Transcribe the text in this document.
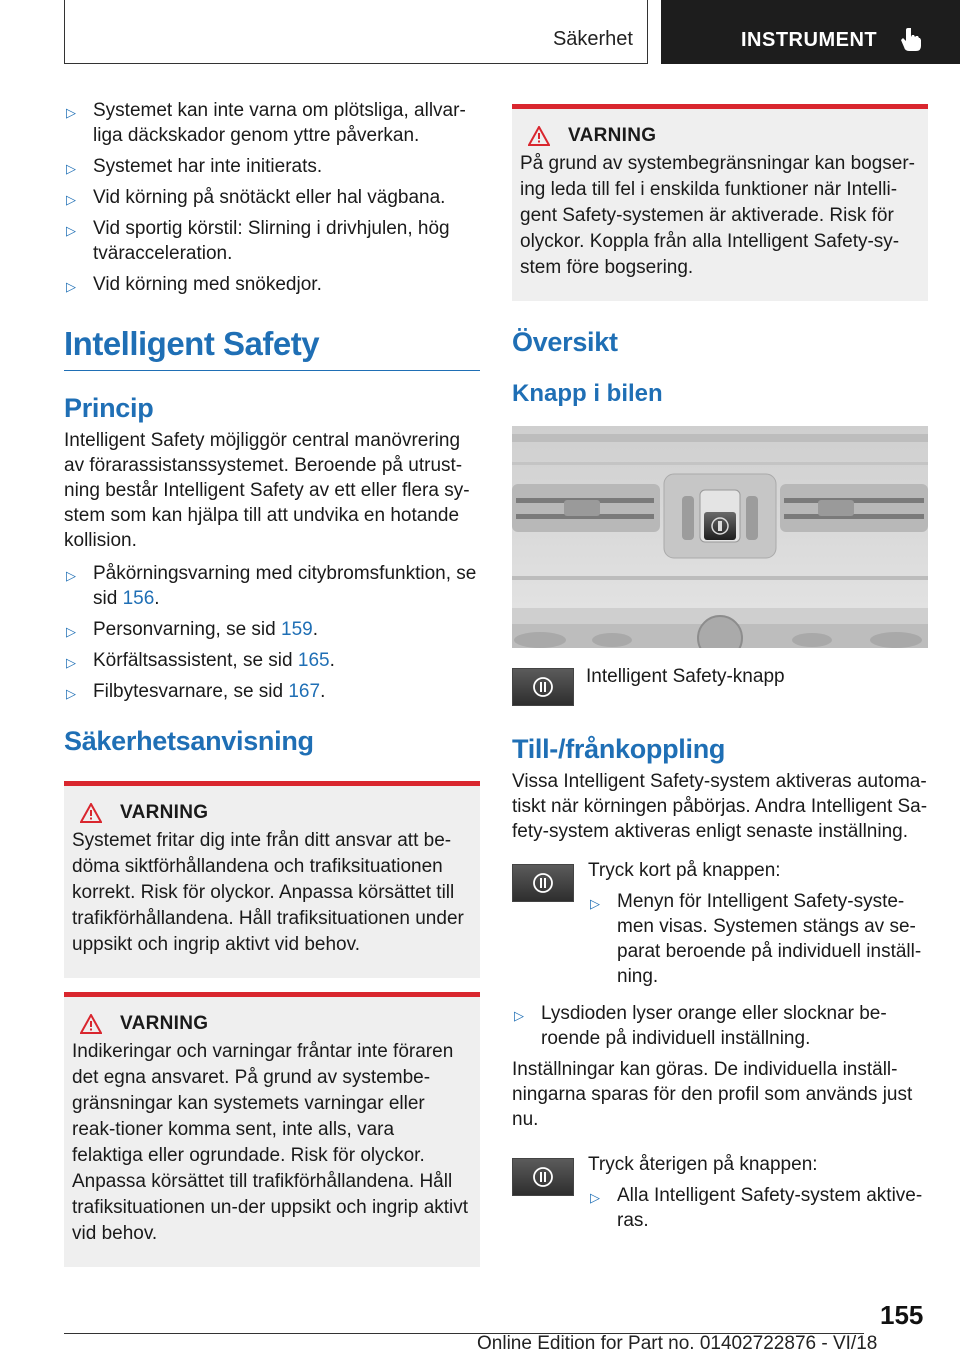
Säkerhet	INSTRUMENT
▷ Systemet kan inte varna om plötsliga, allvar-liga däckskador genom yttre påverkan.
▷ Systemet har inte initierats.
▷ Vid körning på snötäckt eller hal vägbana.
▷ Vid sportig körstil: Slirning i drivhjulen, hög tväracceleration.
▷ Vid körning med snökedjor.
Intelligent Safety
Princip

Intelligent Safety möjliggör central manövrering av förarassistanssystemet. Beroende på utrust-ning består Intelligent Safety av ett eller flera sy-stem som kan hjälpa till att undvika en hotande kollision.

▷ Påkörningsvarning med citybromsfunktion, se sid 156.
▷ Personvarning, se sid 159.
▷ Körfältsassistent, se sid 165.
▷ Filbytesvarnare, se sid 167.
Säkerhetsanvisning
VARNING

Systemet fritar dig inte från ditt ansvar att be-döma siktförhållandena och trafiksituationen korrekt. Risk för olyckor. Anpassa körsättet till trafikförhållandena. Håll trafiksituationen under uppsikt och ingrip aktivt vid behov.

VARNING

Indikeringar och varningar fråntar inte föraren det egna ansvaret. På grund av systembe-gränsningar kan systemets varningar eller reak-tioner komma sent, inte alls, vara felaktiga eller ogrundade. Risk för olyckor. Anpassa körsättet till trafikförhållandena. Håll trafiksituationen un-der uppsikt och ingrip aktivt vid behov.

VARNING

På grund av systembegränsningar kan bogser-ing leda till fel i enskilda funktioner när Intelli-gent Safety-systemen är aktiverade. Risk för olyckor. Koppla från alla Intelligent Safety-sy-stem före bogsering.

Översikt
Knapp i bilen

Intelligent Safety-knapp

Till-/frånkoppling

Vissa Intelligent Safety-system aktiveras automa-tiskt när körningen påbörjas. Andra Intelligent Sa-fety-system aktiveras enligt senaste inställning.

Tryck kort på knappen:

▷ Menyn för Intelligent Safety-syste-men visas. Systemen stängs av se-parat beroende på individuell inställ-ning.
▷ Lysdioden lyser orange eller slocknar be-roende på individuell inställning.

Inställningar kan göras. De individuella inställ-ningarna sparas för den profil som används just nu.

Tryck återigen på knappen:

▷ Alla Intelligent Safety-system aktive-ras.
155
Online Edition for Part no. 01402722876 - VI/18
